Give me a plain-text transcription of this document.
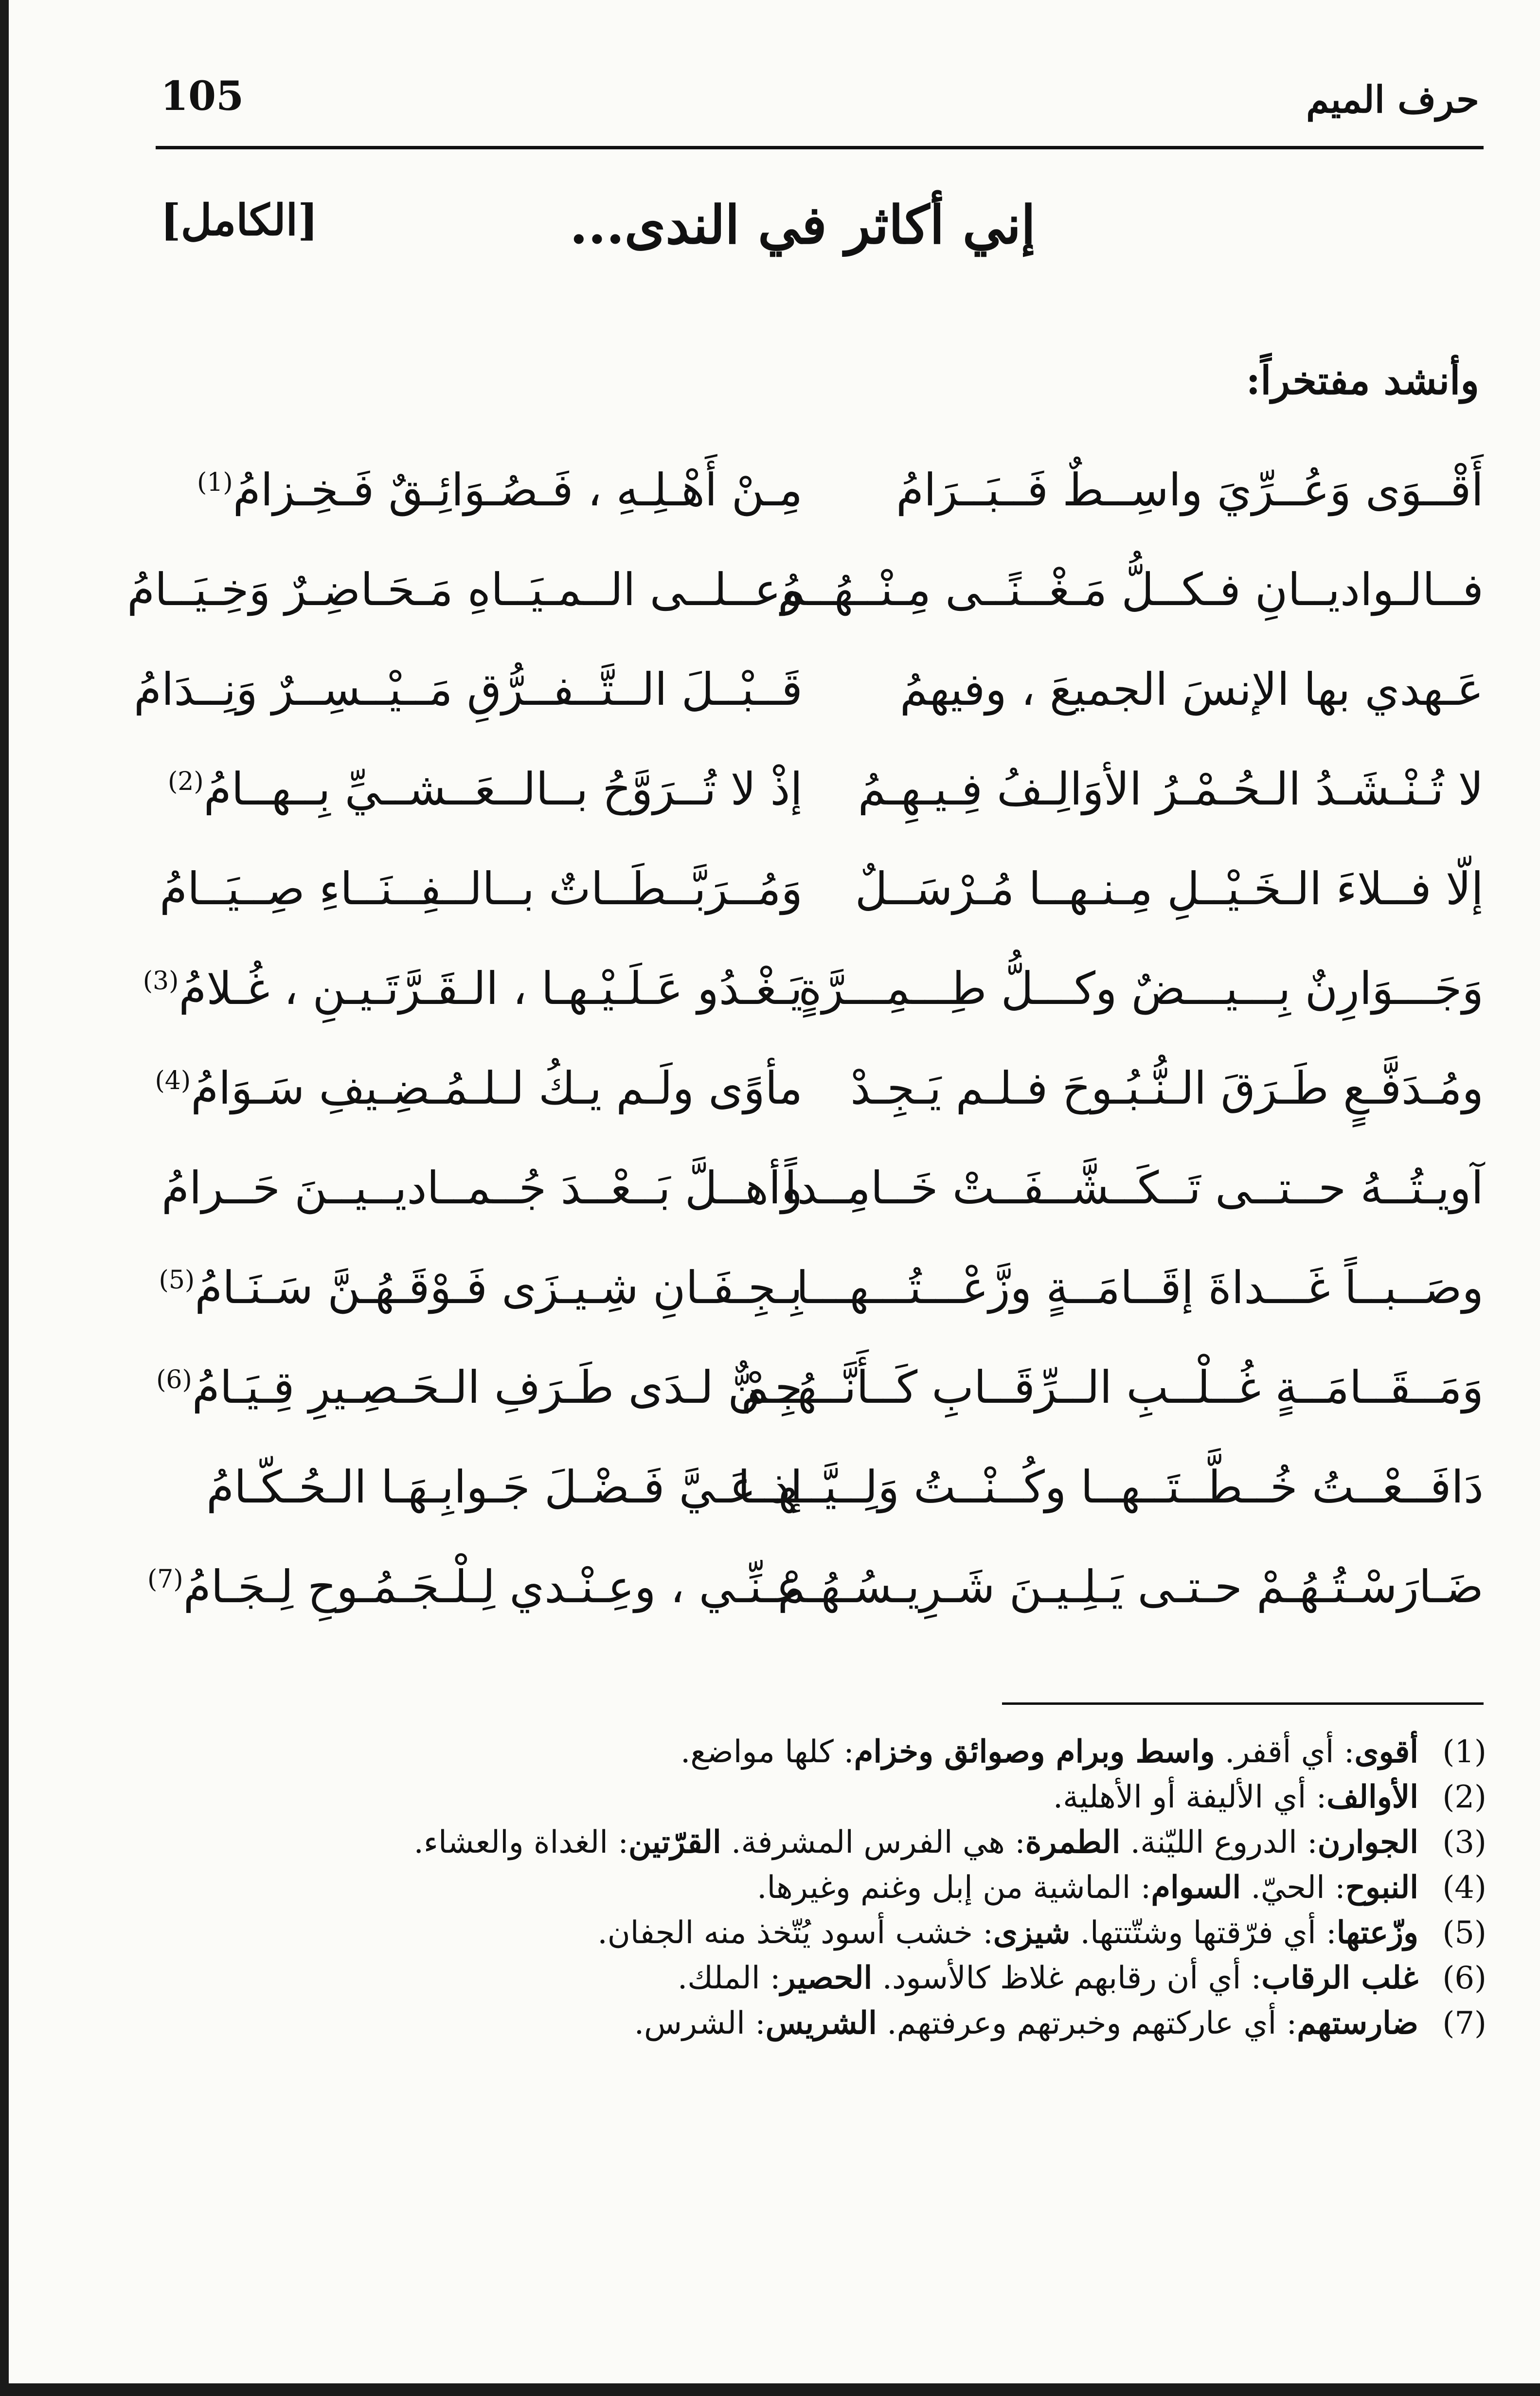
105	حرف الميم
إني أكاثر في الندى...
[الكامل]
وأنشد مفتخراً:
أَقْــوَى وَعُــرِّيَ واسِــطٌ فَــبَــرَامُ
مِـنْ أَهْـلِـهِ ، فَـصُـوَائِـقٌ فَـخِـزامُ$^{(1)}$
فــالـواديــانِ فـكــلُّ مَـغْــنًــى مِـنْــهُــمُ
وعــلــى الــمـيَــاهِ مَـحَـاضِـرٌ وَخِـيَــامُ
عَـهدي بها الإنسَ الجميعَ ، وفيهمُ
قَــبْــلَ الــتَّــفــرُّقِ مَــيْــسِــرٌ وَنِــدَامُ
لا تُـنْـشَـدُ الـحُـمْـرُ الأوَالِـفُ فِـيـهِـمُ
إذْ لا تُــرَوَّحُ بــالــعَــشــيِّ بِــهــامُ$^{(2)}$
إلّا فــلاءَ الـخَـيْــلِ مِـنـهــا مُـرْسَــلٌ
وَمُــرَبَّــطَــاتٌ بــالــفِــنَــاءِ صِــيَــامُ
وَجَـــوَارِنٌ بِـــيـــضٌ وكـــلُّ طِـــمِـــرَّةٍ
يَـغْـدُو عَـلَـيْـهـا ، الـقَـرَّتَـيـنِ ، غُـلامُ$^{(3)}$
ومُـدَفَّـعٍ طَـرَقَ الـنُّـبُـوحَ فـلـم يَـجِـدْ
مأوًى ولَـم يـكُ لـلـمُـضِـيفِ سَـوَامُ$^{(4)}$
آويـتُــهُ حــتــى تَــكَــشَّــفَــتْ خَــامِــداً
وأهــلَّ بَــعْــدَ جُــمــاديــيــنَ حَــرامُ
وصَــبــاً غَـــداةَ إقَــامَــةٍ وزَّعْـــتُـــهـــا
بِـجِـفَـانِ شِـيـزَى فَـوْقَـهُـنَّ سَـنَـامُ$^{(5)}$
وَمَــقَــامَــةٍ غُــلْــبِ الــرِّقَــابِ كَــأَنَّــهُــمْ
جِـنٌّ لـدَى طَـرَفِ الـحَـصِـيرِ قِـيَـامُ$^{(6)}$
دَافَــعْــتُ خُــطَّــتَــهــا وكُــنْــتُ وَلِــيَّــهــا
إذ عَـيَّ فَـضْـلَ جَـوابِـهَـا الـحُـكّـامُ
ضَـارَسْـتُـهُـمْ حـتـى يَـلِـيـنَ شَـرِيـسُـهُـمْ
عـنِّـي ، وعِـنْـدي لِـلْـجَـمُـوحِ لِـجَـامُ$^{(7)}$
(1)أقوى: أي أقفر. واسط وبرام وصوائق وخزام: كلها مواضع.
(2)الأوالف: أي الأليفة أو الأهلية.
(3)الجوارن: الدروع الليّنة. الطمرة: هي الفرس المشرفة. القرّتين: الغداة والعشاء.
(4)النبوح: الحيّ. السوام: الماشية من إبل وغنم وغيرها.
(5)وزّعتها: أي فرّقتها وشتّتتها. شيزى: خشب أسود يُتّخذ منه الجفان.
(6)غلب الرقاب: أي أن رقابهم غلاظ كالأسود. الحصير: الملك.
(7)ضارستهم: أي عاركتهم وخبرتهم وعرفتهم. الشريس: الشرس.
